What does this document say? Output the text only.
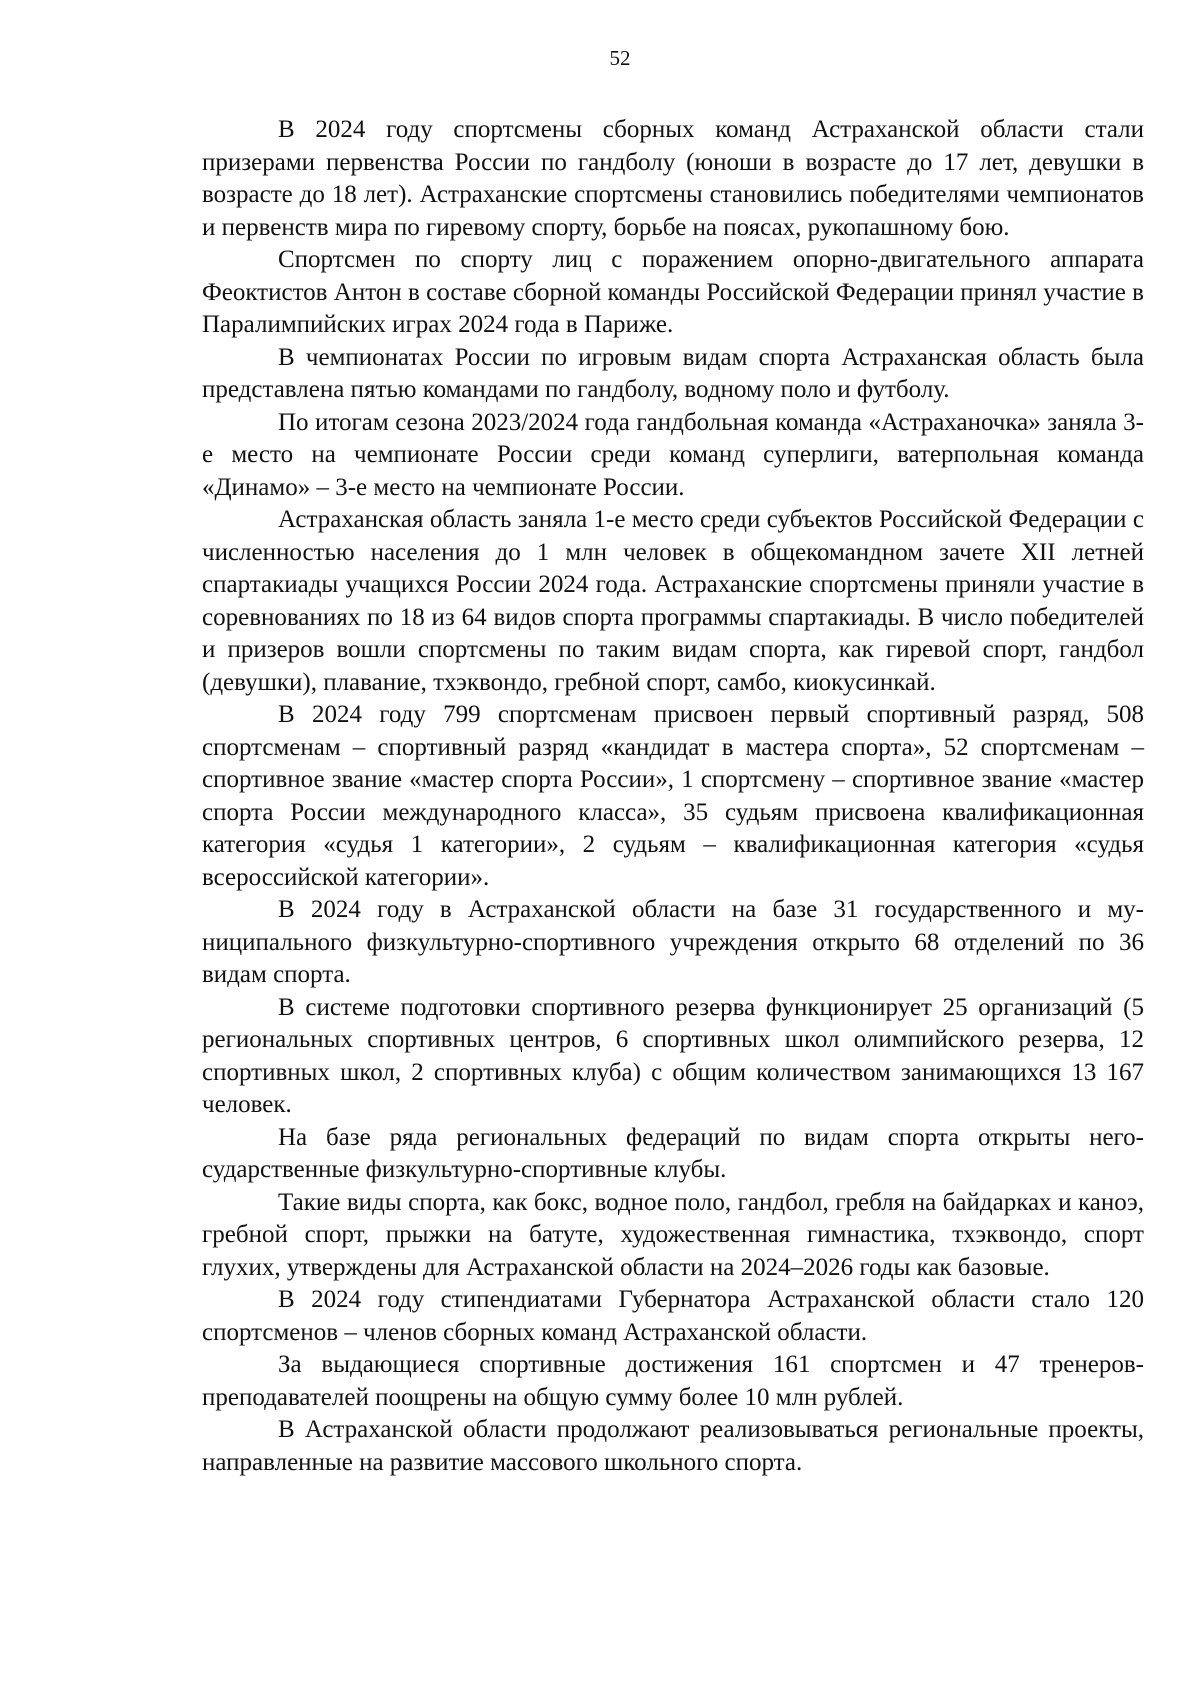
52

В 2024 году спортсмены сборных команд Астраханской области стали призерами первенства России по гандболу (юноши в возрасте до 17 лет, девушки в возрасте до 18 лет). Астраханские спортсмены становились победителями чемпионатов и первенств мира по гиревому спорту, борьбе на поясах, рукопашному бою.

Спортсмен по спорту лиц с поражением опорно-двигательного аппарата Феоктистов Антон в составе сборной команды Российской Федерации принял участие в Паралимпийских играх 2024 года в Париже.

В чемпионатах России по игровым видам спорта Астраханская область была представлена пятью командами по гандболу, водному поло и футболу.

По итогам сезона 2023/2024 года гандбольная команда «Астраханочка» заняла 3-е место на чемпионате России среди команд суперлиги, ватерпольная команда «Динамо» – 3-е место на чемпионате России.

Астраханская область заняла 1-е место среди субъектов Российской Федерации с численностью населения до 1 млн человек в общекомандном зачете XII летней спартакиады учащихся России 2024 года. Астраханские спортсмены приняли участие в соревнованиях по 18 из 64 видов спорта программы спартакиады. В число победителей и призеров вошли спортсмены по таким видам спорта, как гиревой спорт, гандбол (девушки), плавание, тхэквондо, гребной спорт, самбо, киокусинкай.

В 2024 году 799 спортсменам присвоен первый спортивный разряд, 508 спортсменам – спортивный разряд «кандидат в мастера спорта», 52 спортсменам – спортивное звание «мастер спорта России», 1 спортсмену – спортивное звание «мастер спорта России международного класса», 35 судьям присвоена квалификационная категория «судья 1 категории», 2 судьям – квалификационная категория «судья всероссийской категории».

В 2024 году в Астраханской области на базе 31 государственного и муниципального физкультурно-спортивного учреждения открыто 68 отделений по 36 видам спорта.

В системе подготовки спортивного резерва функционирует 25 организаций (5 региональных спортивных центров, 6 спортивных школ олимпийского резерва, 12 спортивных школ, 2 спортивных клуба) с общим количеством занимающихся 13 167 человек.

На базе ряда региональных федераций по видам спорта открыты негосударственные физкультурно-спортивные клубы.

Такие виды спорта, как бокс, водное поло, гандбол, гребля на байдарках и каноэ, гребной спорт, прыжки на батуте, художественная гимнастика, тхэквондо, спорт глухих, утверждены для Астраханской области на 2024–2026 годы как базовые.

В 2024 году стипендиатами Губернатора Астраханской области стало 120 спортсменов – членов сборных команд Астраханской области.

За выдающиеся спортивные достижения 161 спортсмен и 47 тренеров-преподавателей поощрены на общую сумму более 10 млн рублей.

В Астраханской области продолжают реализовываться региональные проекты, направленные на развитие массового школьного спорта.
